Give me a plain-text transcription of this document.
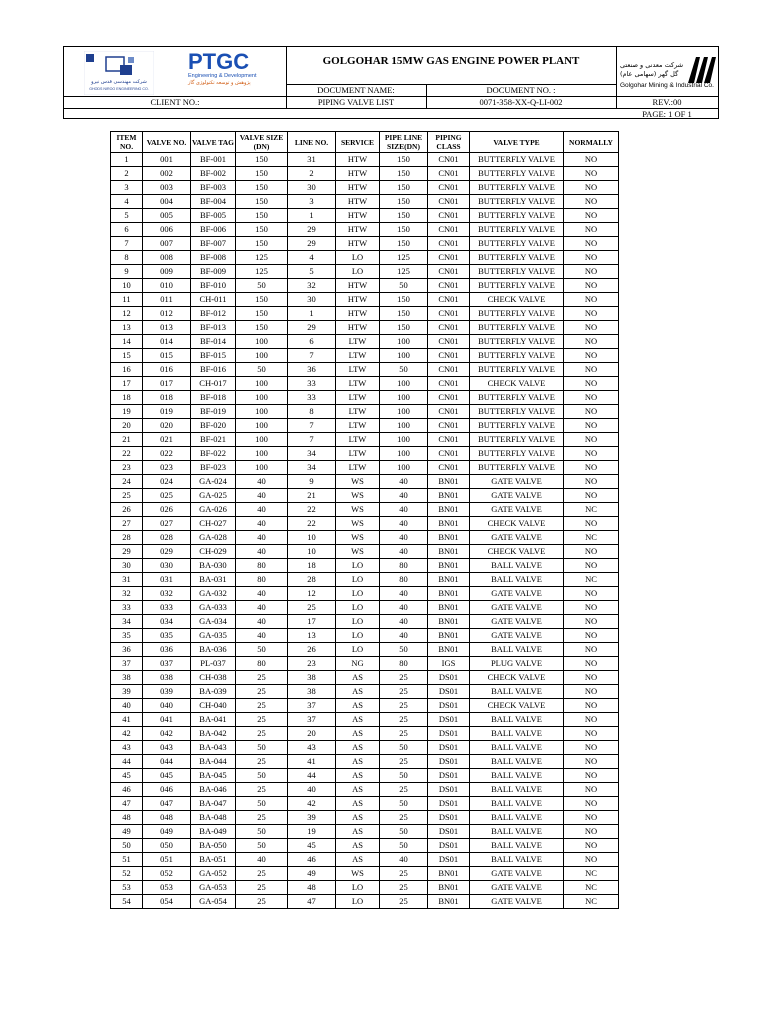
شرکت مهندسی قدس نیرو
GHODS NIROO ENGINEERING CO.
PTGC
Engineering & Development
پژوهش و توسعه تکنولوژی گاز
GOLGOHAR 15MW GAS ENGINE POWER PLANT	شرکت معدنی و صنعتی گل گهر (سهامی عام)
Golgohar Mining & Industrial Co.
DOCUMENT NAME:	DOCUMENT NO. :
CLIENT NO.:	PIPING VALVE LIST	0071-358-XX-Q-LI-002	REV.:00
PAGE: 1 OF 1
ITEM NO.	VALVE NO.	VALVE TAG	VALVE SIZE (DN)	LINE NO.	SERVICE	PIPE LINE SIZE(DN)	PIPING CLASS	VALVE TYPE	NORMALLY
1	001	BF-001	150	31	HTW	150	CN01	BUTTERFLY VALVE	NO
2	002	BF-002	150	2	HTW	150	CN01	BUTTERFLY VALVE	NO
3	003	BF-003	150	30	HTW	150	CN01	BUTTERFLY VALVE	NO
4	004	BF-004	150	3	HTW	150	CN01	BUTTERFLY VALVE	NO
5	005	BF-005	150	1	HTW	150	CN01	BUTTERFLY VALVE	NO
6	006	BF-006	150	29	HTW	150	CN01	BUTTERFLY VALVE	NO
7	007	BF-007	150	29	HTW	150	CN01	BUTTERFLY VALVE	NO
8	008	BF-008	125	4	LO	125	CN01	BUTTERFLY VALVE	NO
9	009	BF-009	125	5	LO	125	CN01	BUTTERFLY VALVE	NO
10	010	BF-010	50	32	HTW	50	CN01	BUTTERFLY VALVE	NO
11	011	CH-011	150	30	HTW	150	CN01	CHECK VALVE	NO
12	012	BF-012	150	1	HTW	150	CN01	BUTTERFLY VALVE	NO
13	013	BF-013	150	29	HTW	150	CN01	BUTTERFLY VALVE	NO
14	014	BF-014	100	6	LTW	100	CN01	BUTTERFLY VALVE	NO
15	015	BF-015	100	7	LTW	100	CN01	BUTTERFLY VALVE	NO
16	016	BF-016	50	36	LTW	50	CN01	BUTTERFLY VALVE	NO
17	017	CH-017	100	33	LTW	100	CN01	CHECK VALVE	NO
18	018	BF-018	100	33	LTW	100	CN01	BUTTERFLY VALVE	NO
19	019	BF-019	100	8	LTW	100	CN01	BUTTERFLY VALVE	NO
20	020	BF-020	100	7	LTW	100	CN01	BUTTERFLY VALVE	NO
21	021	BF-021	100	7	LTW	100	CN01	BUTTERFLY VALVE	NO
22	022	BF-022	100	34	LTW	100	CN01	BUTTERFLY VALVE	NO
23	023	BF-023	100	34	LTW	100	CN01	BUTTERFLY VALVE	NO
24	024	GA-024	40	9	WS	40	BN01	GATE VALVE	NO
25	025	GA-025	40	21	WS	40	BN01	GATE VALVE	NO
26	026	GA-026	40	22	WS	40	BN01	GATE VALVE	NC
27	027	CH-027	40	22	WS	40	BN01	CHECK VALVE	NO
28	028	GA-028	40	10	WS	40	BN01	GATE VALVE	NC
29	029	CH-029	40	10	WS	40	BN01	CHECK VALVE	NO
30	030	BA-030	80	18	LO	80	BN01	BALL VALVE	NO
31	031	BA-031	80	28	LO	80	BN01	BALL VALVE	NC
32	032	GA-032	40	12	LO	40	BN01	GATE VALVE	NO
33	033	GA-033	40	25	LO	40	BN01	GATE VALVE	NO
34	034	GA-034	40	17	LO	40	BN01	GATE VALVE	NO
35	035	GA-035	40	13	LO	40	BN01	GATE VALVE	NO
36	036	BA-036	50	26	LO	50	BN01	BALL VALVE	NO
37	037	PL-037	80	23	NG	80	IGS	PLUG VALVE	NO
38	038	CH-038	25	38	AS	25	DS01	CHECK VALVE	NO
39	039	BA-039	25	38	AS	25	DS01	BALL VALVE	NO
40	040	CH-040	25	37	AS	25	DS01	CHECK VALVE	NO
41	041	BA-041	25	37	AS	25	DS01	BALL VALVE	NO
42	042	BA-042	25	20	AS	25	DS01	BALL VALVE	NO
43	043	BA-043	50	43	AS	50	DS01	BALL VALVE	NO
44	044	BA-044	25	41	AS	25	DS01	BALL VALVE	NO
45	045	BA-045	50	44	AS	50	DS01	BALL VALVE	NO
46	046	BA-046	25	40	AS	25	DS01	BALL VALVE	NO
47	047	BA-047	50	42	AS	50	DS01	BALL VALVE	NO
48	048	BA-048	25	39	AS	25	DS01	BALL VALVE	NO
49	049	BA-049	50	19	AS	50	DS01	BALL VALVE	NO
50	050	BA-050	50	45	AS	50	DS01	BALL VALVE	NO
51	051	BA-051	40	46	AS	40	DS01	BALL VALVE	NO
52	052	GA-052	25	49	WS	25	BN01	GATE VALVE	NC
53	053	GA-053	25	48	LO	25	BN01	GATE VALVE	NC
54	054	GA-054	25	47	LO	25	BN01	GATE VALVE	NC
